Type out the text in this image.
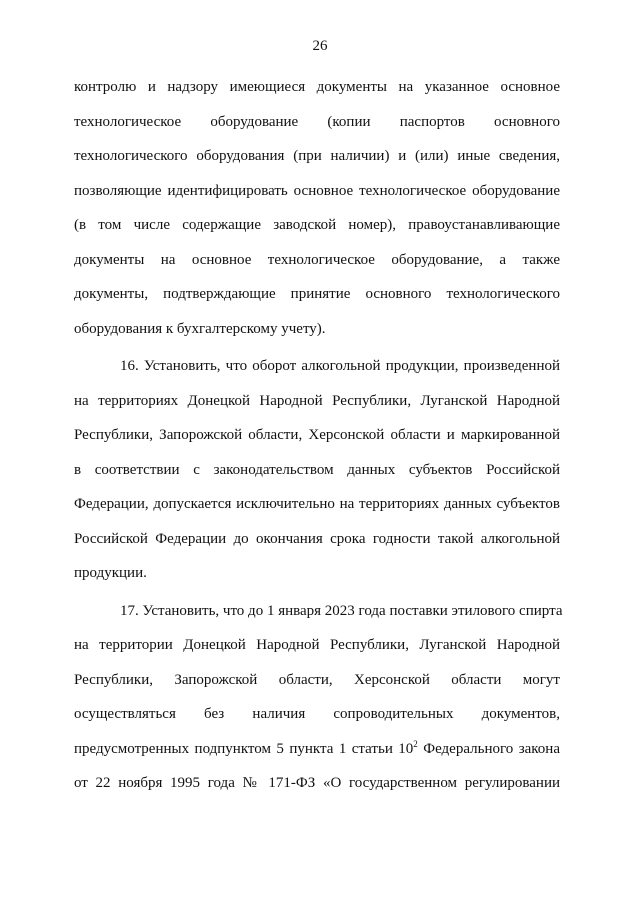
26
контролю и надзору имеющиеся документы на указанное основное
технологическое оборудование (копии паспортов основного
технологического оборудования (при наличии) и (или) иные сведения,
позволяющие идентифицировать основное технологическое оборудование
(в том числе содержащие заводской номер), правоустанавливающие
документы на основное технологическое оборудование, а также
документы, подтверждающие принятие основного технологического
оборудования к бухгалтерскому учету).
16. Установить, что оборот алкогольной продукции, произведенной
на территориях Донецкой Народной Республики, Луганской Народной
Республики, Запорожской области, Херсонской области и маркированной
в соответствии с законодательством данных субъектов Российской
Федерации, допускается исключительно на территориях данных субъектов
Российской Федерации до окончания срока годности такой алкогольной
продукции.
17. Установить, что до 1 января 2023 года поставки этилового спирта
на территории Донецкой Народной Республики, Луганской Народной
Республики, Запорожской области, Херсонской области могут
осуществляться без наличия сопроводительных документов,
предусмотренных подпунктом 5 пункта 1 статьи $10^2$ Федерального закона
от 22 ноября 1995 года № 171-ФЗ «О государственном регулировании
